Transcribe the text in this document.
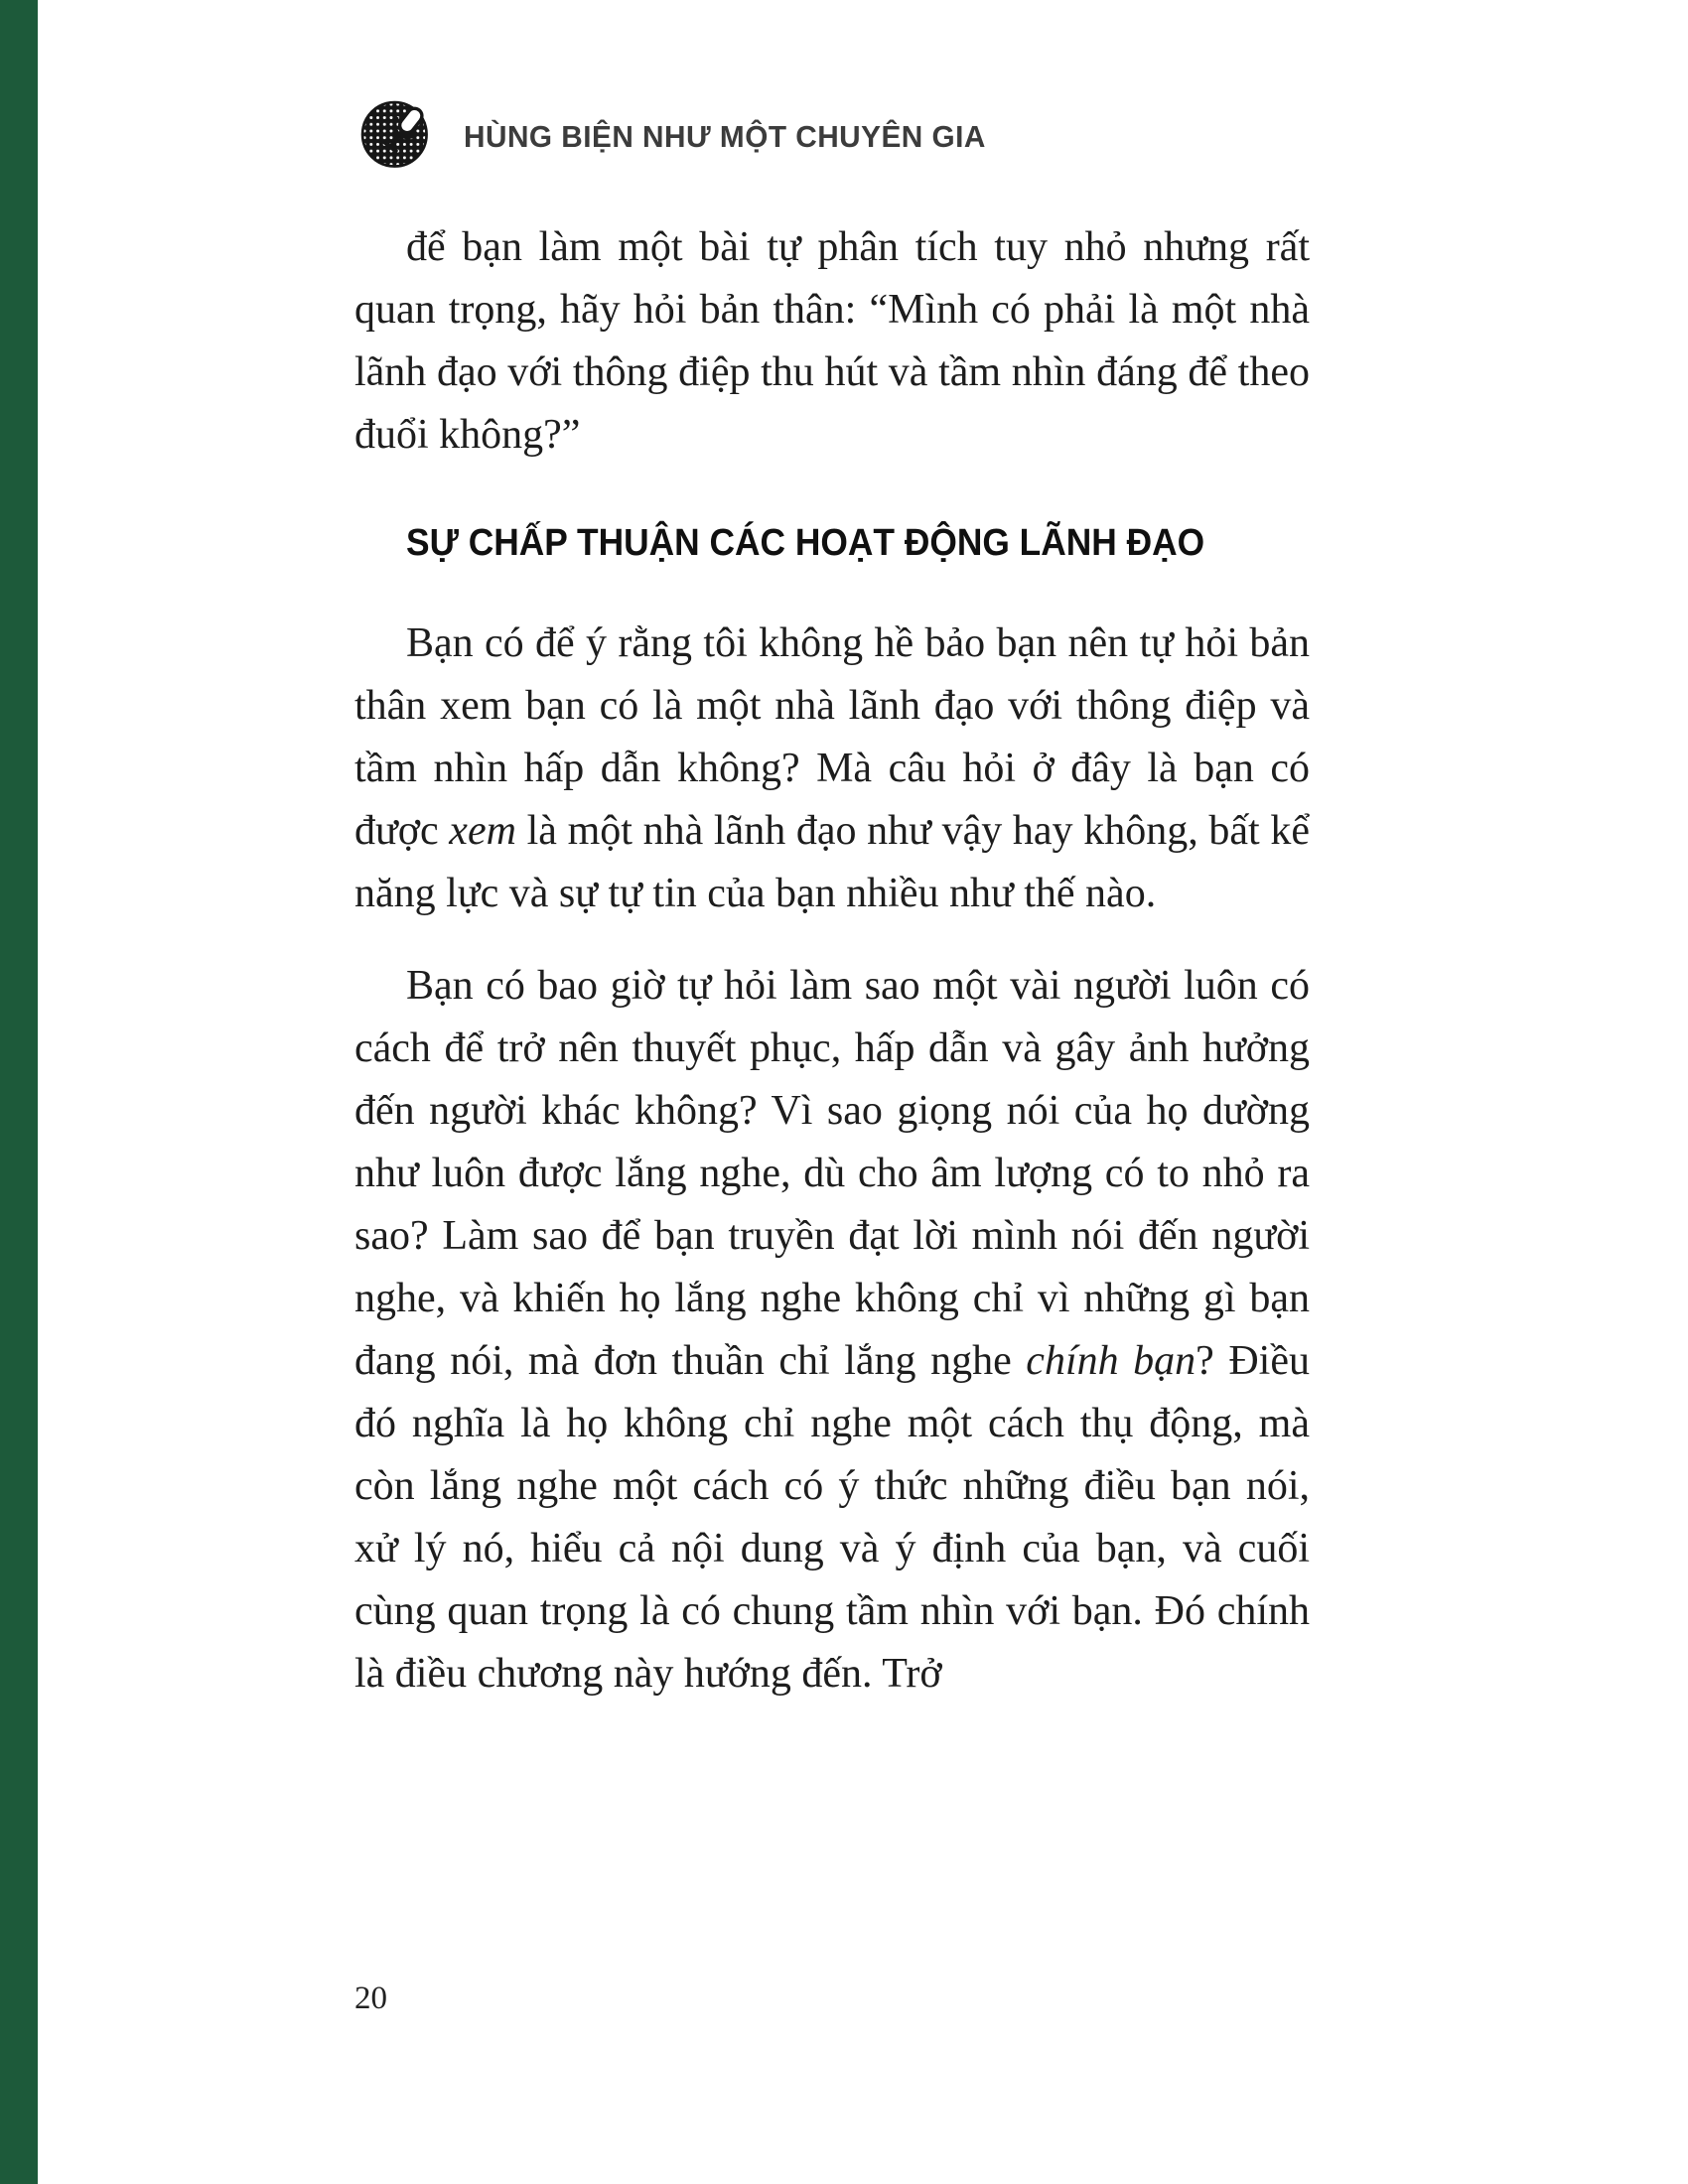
HÙNG BIỆN NHƯ MỘT CHUYÊN GIA

để bạn làm một bài tự phân tích tuy nhỏ nhưng rất quan trọng, hãy hỏi bản thân: “Mình có phải là một nhà lãnh đạo với thông điệp thu hút và tầm nhìn đáng để theo đuổi không?”

SỰ CHẤP THUẬN CÁC HOẠT ĐỘNG LÃNH ĐẠO

Bạn có để ý rằng tôi không hề bảo bạn nên tự hỏi bản thân xem bạn có là một nhà lãnh đạo với thông điệp và tầm nhìn hấp dẫn không? Mà câu hỏi ở đây là bạn có được xem là một nhà lãnh đạo như vậy hay không, bất kể năng lực và sự tự tin của bạn nhiều như thế nào.

Bạn có bao giờ tự hỏi làm sao một vài người luôn có cách để trở nên thuyết phục, hấp dẫn và gây ảnh hưởng đến người khác không? Vì sao giọng nói của họ dường như luôn được lắng nghe, dù cho âm lượng có to nhỏ ra sao? Làm sao để bạn truyền đạt lời mình nói đến người nghe, và khiến họ lắng nghe không chỉ vì những gì bạn đang nói, mà đơn thuần chỉ lắng nghe chính bạn? Điều đó nghĩa là họ không chỉ nghe một cách thụ động, mà còn lắng nghe một cách có ý thức những điều bạn nói, xử lý nó, hiểu cả nội dung và ý định của bạn, và cuối cùng quan trọng là có chung tầm nhìn với bạn. Đó chính là điều chương này hướng đến. Trở

20
